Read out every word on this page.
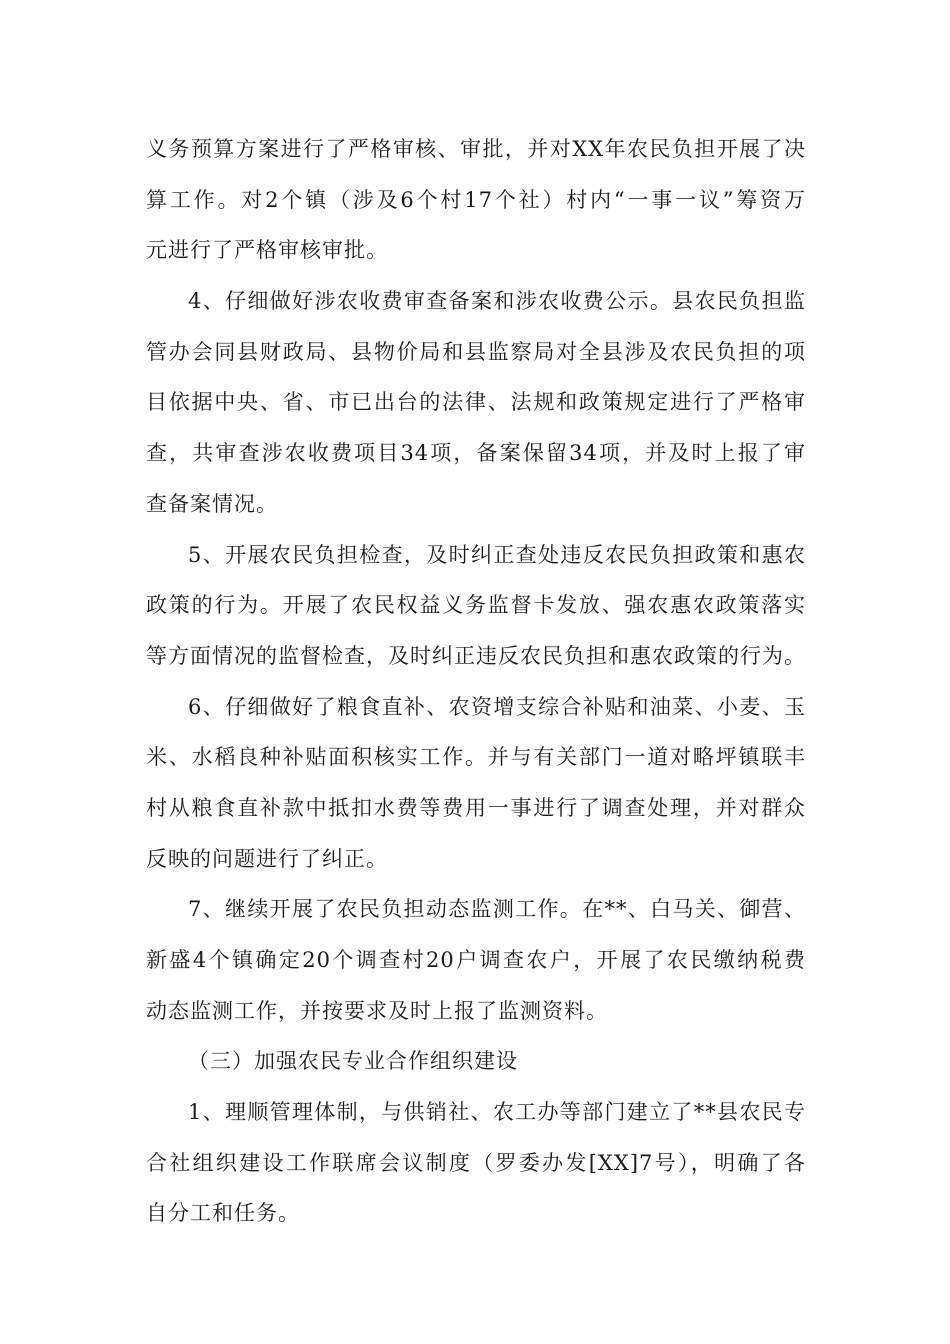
义务预算方案进行了严格审核、审批，并对XX年农民负担开展了决
算工作。对2个镇（涉及6个村17个社）村内“一事一议”筹资万
元进行了严格审核审批。
4、仔细做好涉农收费审查备案和涉农收费公示。县农民负担监
管办会同县财政局、县物价局和县监察局对全县涉及农民负担的项
目依据中央、省、市已出台的法律、法规和政策规定进行了严格审
查，共审查涉农收费项目34项，备案保留34项，并及时上报了审
查备案情况。
5、开展农民负担检查，及时纠正查处违反农民负担政策和惠农
政策的行为。开展了农民权益义务监督卡发放、强农惠农政策落实
等方面情况的监督检查，及时纠正违反农民负担和惠农政策的行为。
6、仔细做好了粮食直补、农资增支综合补贴和油菜、小麦、玉
米、水稻良种补贴面积核实工作。并与有关部门一道对略坪镇联丰
村从粮食直补款中抵扣水费等费用一事进行了调查处理，并对群众
反映的问题进行了纠正。
7、继续开展了农民负担动态监测工作。在**、白马关、御营、
新盛4个镇确定20个调查村20户调查农户，开展了农民缴纳税费
动态监测工作，并按要求及时上报了监测资料。
（三）加强农民专业合作组织建设
1、理顺管理体制，与供销社、农工办等部门建立了**县农民专
合社组织建设工作联席会议制度（罗委办发[XX]7号），明确了各
自分工和任务。
